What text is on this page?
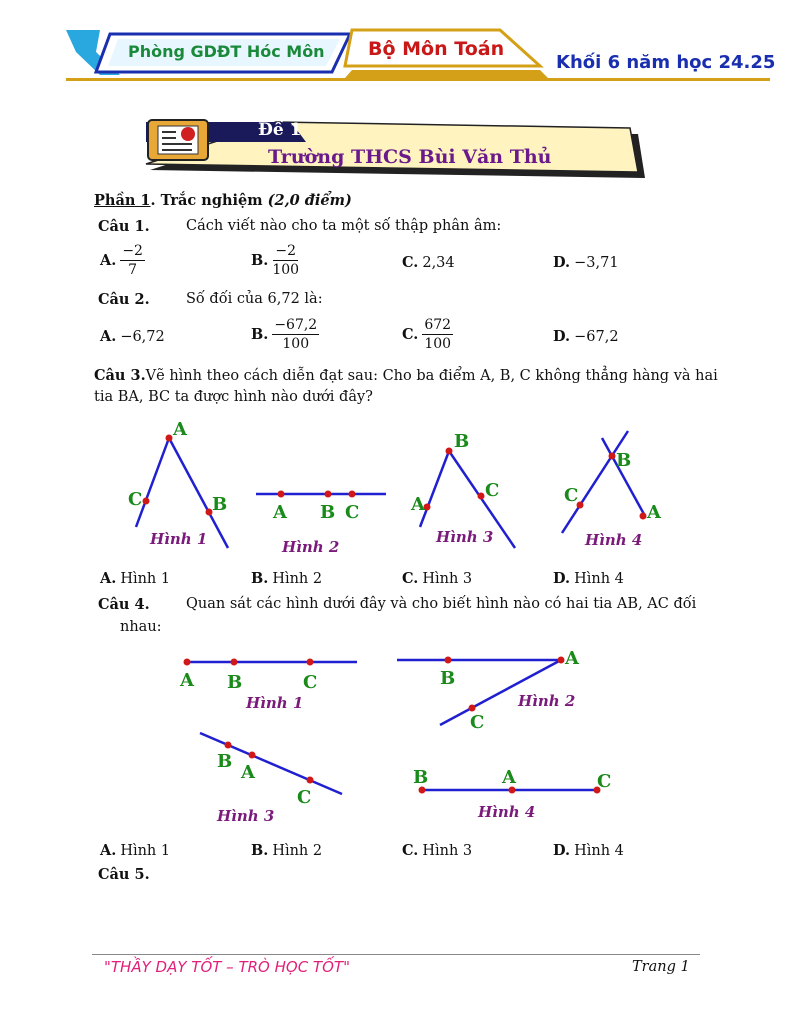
Phòng GDĐT Hóc Môn Bộ Môn Toán
Khối 6 năm học 24.25
Đề 1
Trường THCS Bùi Văn Thủ
Phần 1. Trắc nghiệm (2,0 điểm)
Câu 1.	Cách viết nào cho ta một số thập phân âm:
A. $\frac{-2}{7}$	B. $\frac{-2}{100}$	C. 2,34	D. −3,71
Câu 2.	Số đối của 6,72 là:
A. −6,72	B. $\frac{-67,2}{100}$	C. $\frac{672}{100}$	D. −67,2
Câu 3.Vẽ hình theo cách diễn đạt sau: Cho ba điểm A, B, C không thẳng hàng và hai
tia BA, BC ta được hình nào dưới đây?
A
C	B
Hình 1
A B C
Hình 2
B
A
C
Hình 3
B
C
A
Hình 4
A. Hình 1	B. Hình 2	C. Hình 3	D. Hình 4
Câu 4.	Quan sát các hình dưới đây và cho biết hình nào có hai tia AB, AC đối
nhau:
A B	C
Hình 1
A
B
C
Hình 2
B
A
C
Hình 3
B	A	C
Hình 4
A. Hình 1	B. Hình 2	C. Hình 3	D. Hình 4
Câu 5.
"THẦY DẠY TỐT – TRÒ HỌC TỐT"	Trang 1
